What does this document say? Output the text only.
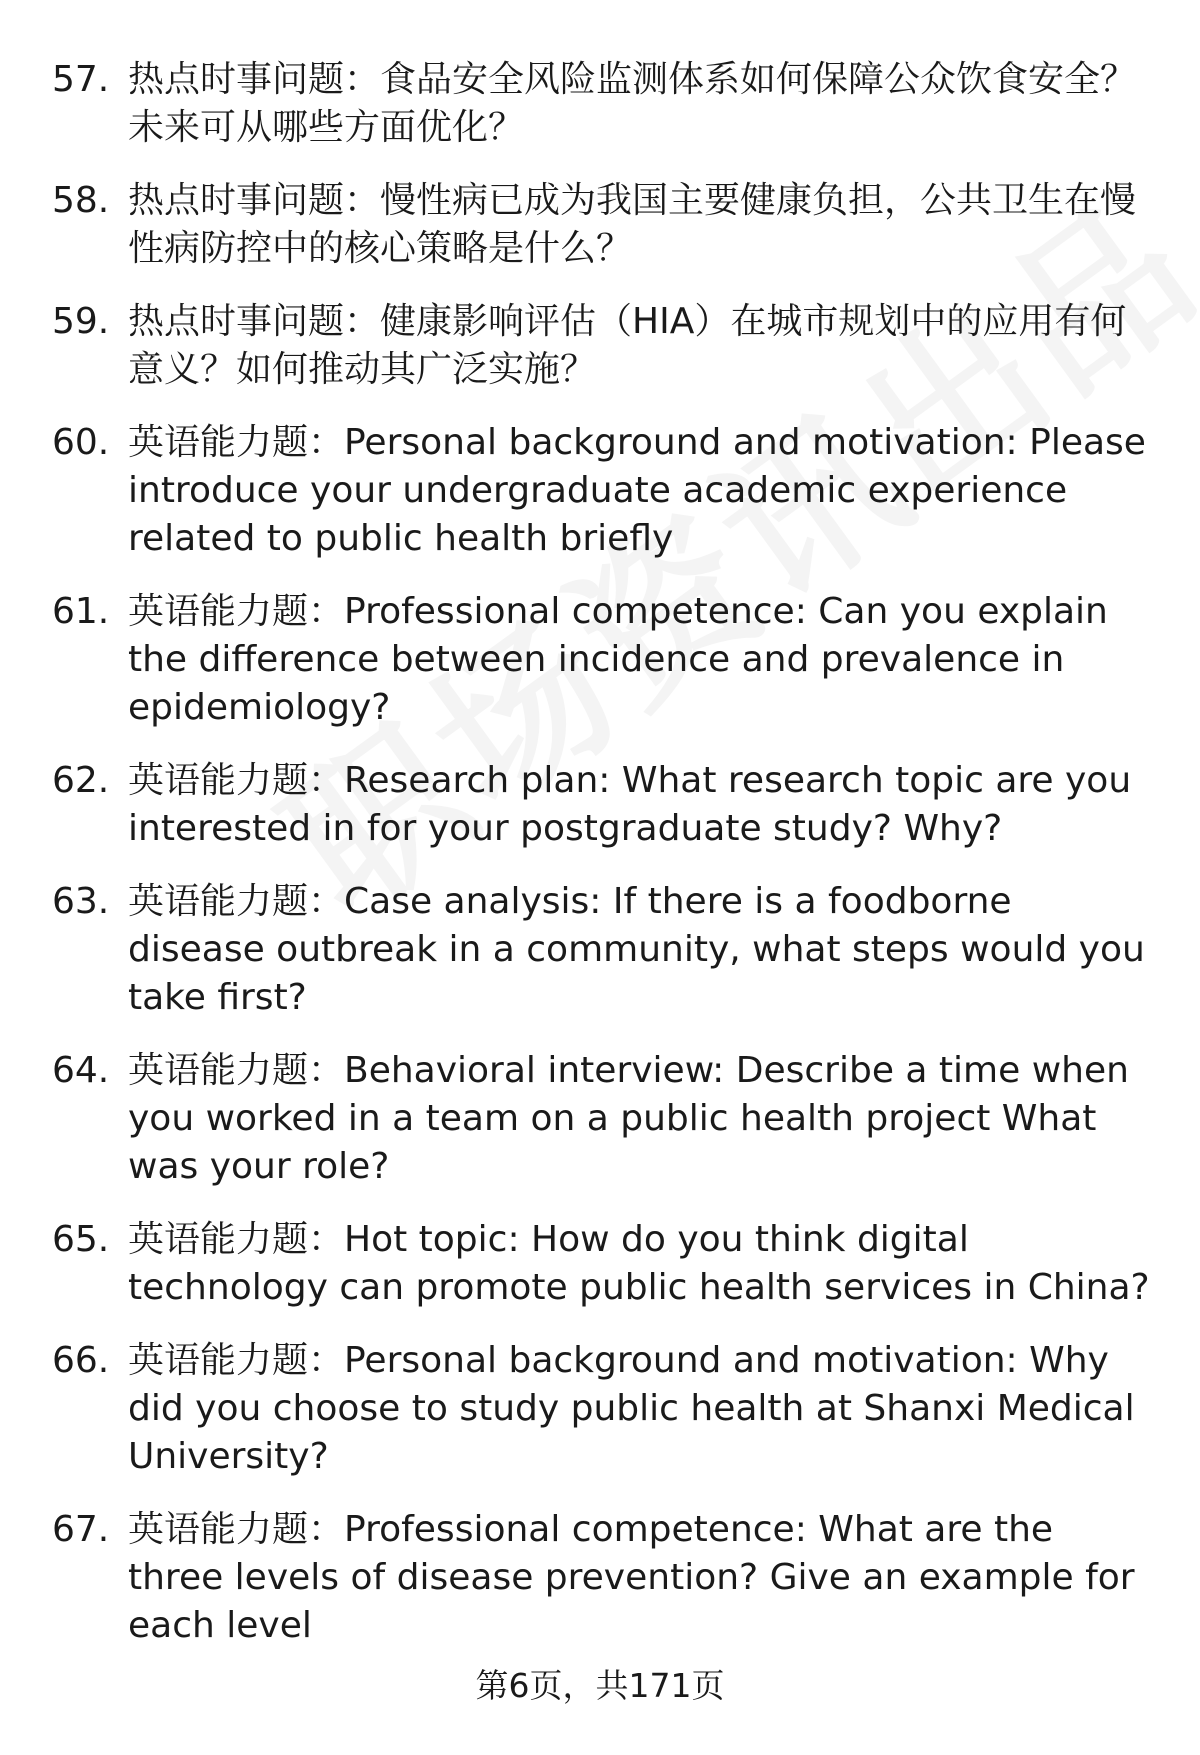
57. 热点时事问题：食品安全风险监测体系如何保障公众饮食安全？未来可从哪些方面优化？
58. 热点时事问题：慢性病已成为我国主要健康负担，公共卫生在慢性病防控中的核心策略是什么？
59. 热点时事问题：健康影响评估（HIA）在城市规划中的应用有何意义？如何推动其广泛实施？
60. 英语能力题：Personal background and motivation: Please introduce your undergraduate academic experience related to public health briefly
61. 英语能力题：Professional competence: Can you explain the difference between incidence and prevalence in epidemiology?
62. 英语能力题：Research plan: What research topic are you interested in for your postgraduate study? Why?
63. 英语能力题：Case analysis: If there is a foodborne disease outbreak in a community, what steps would you take first?
64. 英语能力题：Behavioral interview: Describe a time when you worked in a team on a public health project What was your role?
65. 英语能力题：Hot topic: How do you think digital technology can promote public health services in China?
66. 英语能力题：Personal background and motivation: Why did you choose to study public health at Shanxi Medical University?
67. 英语能力题：Professional competence: What are the three levels of disease prevention? Give an example for each level
第6页，共171页
